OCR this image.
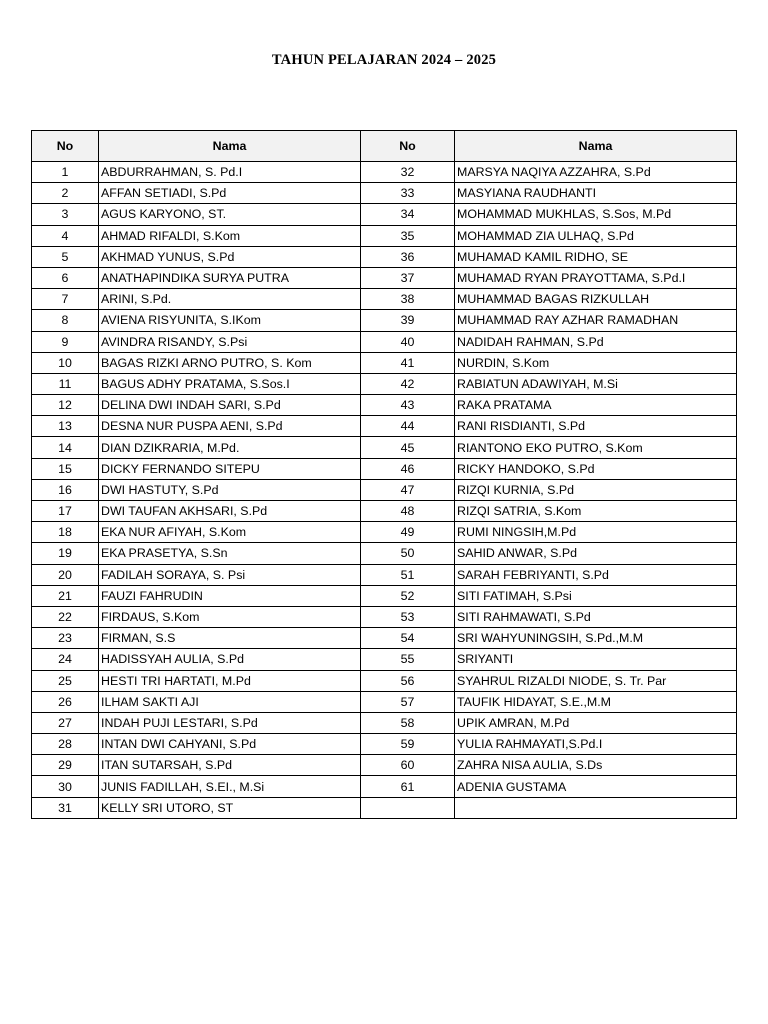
TAHUN PELAJARAN 2024 – 2025
No	Nama	No	Nama
1	ABDURRAHMAN, S. Pd.I	32	MARSYA NAQIYA AZZAHRA, S.Pd
2	AFFAN SETIADI, S.Pd	33	MASYIANA RAUDHANTI
3	AGUS KARYONO, ST.	34	MOHAMMAD MUKHLAS, S.Sos, M.Pd
4	AHMAD RIFALDI, S.Kom	35	MOHAMMAD ZIA ULHAQ, S.Pd
5	AKHMAD YUNUS, S.Pd	36	MUHAMAD KAMIL RIDHO, SE
6	ANATHAPINDIKA SURYA PUTRA	37	MUHAMAD RYAN PRAYOTTAMA, S.Pd.I
7	ARINI, S.Pd.	38	MUHAMMAD BAGAS RIZKULLAH
8	AVIENA RISYUNITA, S.IKom	39	MUHAMMAD RAY AZHAR RAMADHAN
9	AVINDRA RISANDY, S.Psi	40	NADIDAH RAHMAN, S.Pd
10	BAGAS RIZKI ARNO PUTRO, S. Kom	41	NURDIN, S.Kom
11	BAGUS ADHY PRATAMA, S.Sos.I	42	RABIATUN ADAWIYAH, M.Si
12	DELINA DWI INDAH SARI, S.Pd	43	RAKA PRATAMA
13	DESNA NUR PUSPA AENI, S.Pd	44	RANI RISDIANTI, S.Pd
14	DIAN DZIKRARIA, M.Pd.	45	RIANTONO EKO PUTRO, S.Kom
15	DICKY FERNANDO SITEPU	46	RICKY HANDOKO, S.Pd
16	DWI HASTUTY, S.Pd	47	RIZQI KURNIA, S.Pd
17	DWI TAUFAN AKHSARI, S.Pd	48	RIZQI SATRIA, S.Kom
18	EKA NUR AFIYAH, S.Kom	49	RUMI NINGSIH,M.Pd
19	EKA PRASETYA, S.Sn	50	SAHID ANWAR, S.Pd
20	FADILAH SORAYA, S. Psi	51	SARAH FEBRIYANTI, S.Pd
21	FAUZI FAHRUDIN	52	SITI FATIMAH, S.Psi
22	FIRDAUS, S.Kom	53	SITI RAHMAWATI, S.Pd
23	FIRMAN, S.S	54	SRI WAHYUNINGSIH, S.Pd.,M.M
24	HADISSYAH AULIA, S.Pd	55	SRIYANTI
25	HESTI TRI HARTATI, M.Pd	56	SYAHRUL RIZALDI NIODE, S. Tr. Par
26	ILHAM SAKTI AJI	57	TAUFIK HIDAYAT, S.E.,M.M
27	INDAH PUJI LESTARI, S.Pd	58	UPIK AMRAN, M.Pd
28	INTAN DWI CAHYANI, S.Pd	59	YULIA RAHMAYATI,S.Pd.I
29	ITAN SUTARSAH, S.Pd	60	ZAHRA NISA AULIA, S.Ds
30	JUNIS FADILLAH, S.EI., M.Si	61	ADENIA GUSTAMA
31	KELLY SRI UTORO, ST		
